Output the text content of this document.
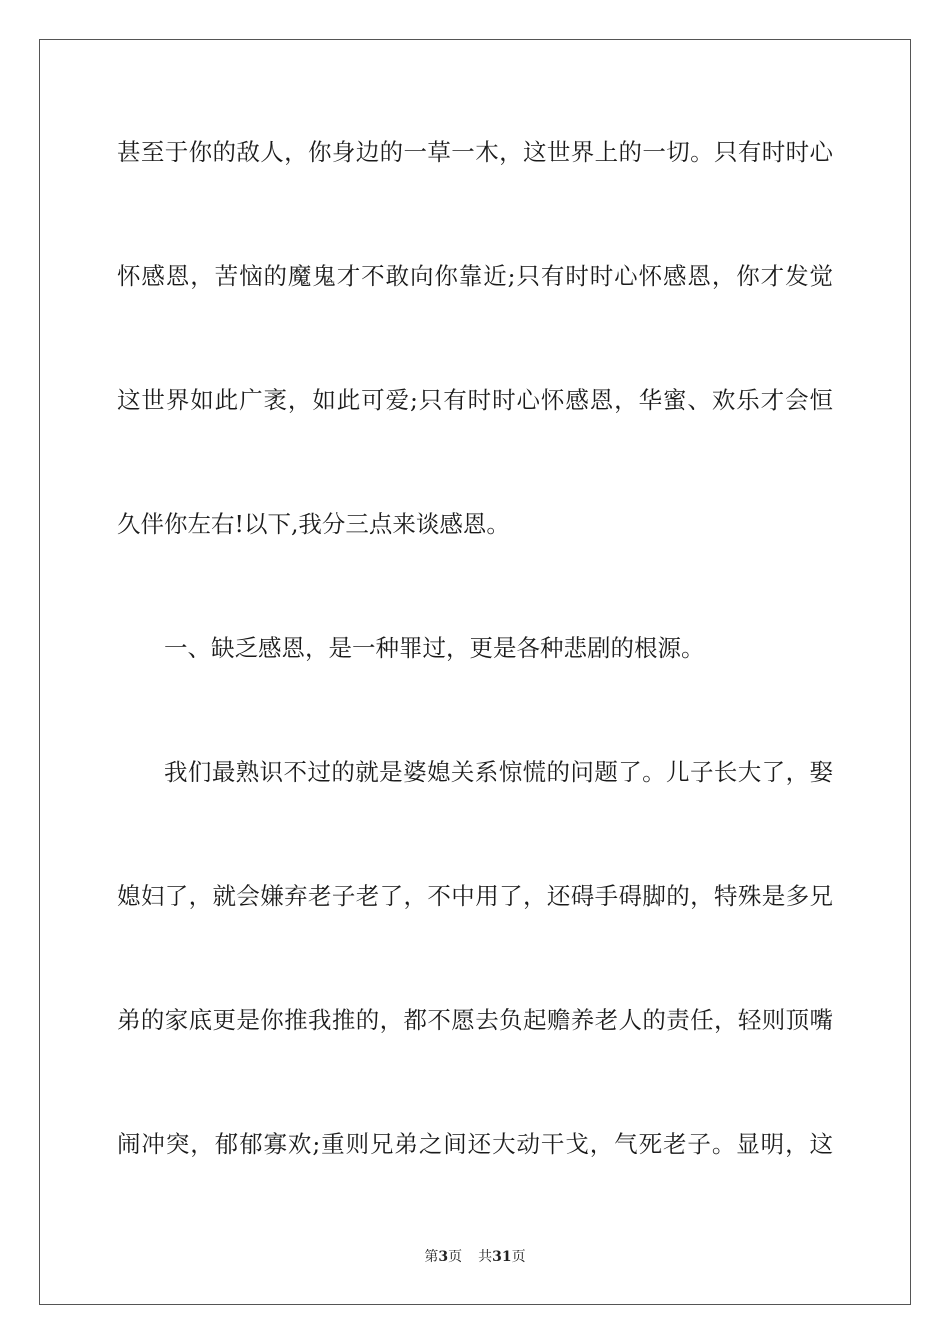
甚至于你的敌人，你身边的一草一木，这世界上的一切。只有时时心
怀感恩，苦恼的魔鬼才不敢向你靠近;只有时时心怀感恩，你才发觉
这世界如此广袤，如此可爱;只有时时心怀感恩，华蜜、欢乐才会恒
久伴你左右!以下,我分三点来谈感恩。
一、缺乏感恩，是一种罪过，更是各种悲剧的根源。
我们最熟识不过的就是婆媳关系惊慌的问题了。儿子长大了，娶
媳妇了，就会嫌弃老子老了，不中用了，还碍手碍脚的，特殊是多兄
弟的家底更是你推我推的，都不愿去负起赡养老人的责任，轻则顶嘴
闹冲突，郁郁寡欢;重则兄弟之间还大动干戈，气死老子。显明，这
第3页 共31页
